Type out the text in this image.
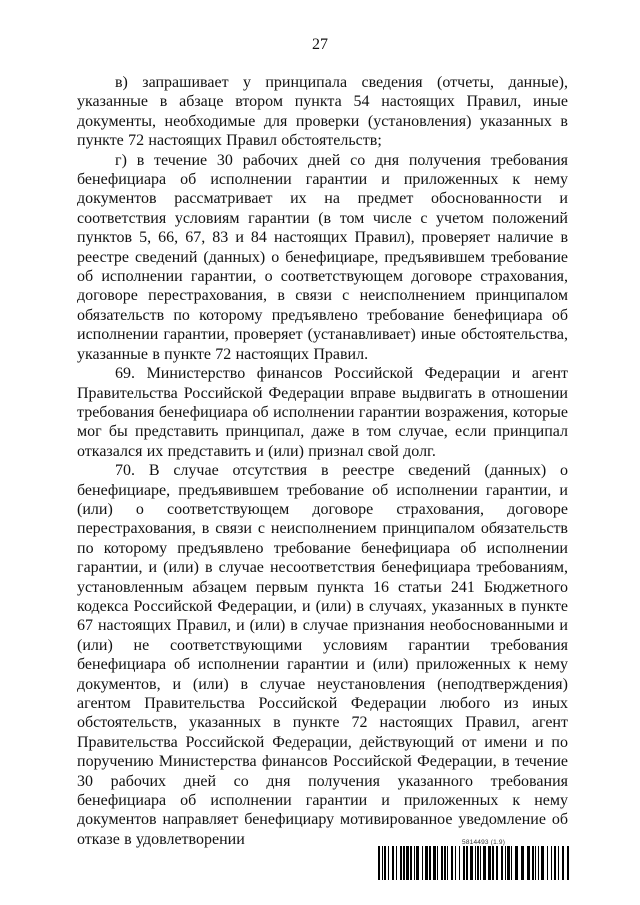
27

в) запрашивает у принципала сведения (отчеты, данные), указанные в абзаце втором пункта 54 настоящих Правил, иные документы, необходимые для проверки (установления) указанных в пункте 72 настоящих Правил обстоятельств;

г) в течение 30 рабочих дней со дня получения требования бенефициара об исполнении гарантии и приложенных к нему документов рассматривает их на предмет обоснованности и соответствия условиям гарантии (в том числе с учетом положений пунктов 5, 66, 67, 83 и 84 настоящих Правил), проверяет наличие в реестре сведений (данных) о бенефициаре, предъявившем требование об исполнении гарантии, о соответствующем договоре страхования, договоре перестрахования, в связи с неисполнением принципалом обязательств по которому предъявлено требование бенефициара об исполнении гарантии, проверяет (устанавливает) иные обстоятельства, указанные в пункте 72 настоящих Правил.

69. Министерство финансов Российской Федерации и агент Правительства Российской Федерации вправе выдвигать в отношении требования бенефициара об исполнении гарантии возражения, которые мог бы представить принципал, даже в том случае, если принципал отказался их представить и (или) признал свой долг.

70. В случае отсутствия в реестре сведений (данных) о бенефициаре, предъявившем требование об исполнении гарантии, и (или) о соответствующем договоре страхования, договоре перестрахования, в связи с неисполнением принципалом обязательств по которому предъявлено требование бенефициара об исполнении гарантии, и (или) в случае несоответствия бенефициара требованиям, установленным абзацем первым пункта 16 статьи 241 Бюджетного кодекса Российской Федерации, и (или) в случаях, указанных в пункте 67 настоящих Правил, и (или) в случае признания необоснованными и (или) не соответствующими условиям гарантии требования бенефициара об исполнении гарантии и (или) приложенных к нему документов, и (или) в случае неустановления (неподтверждения) агентом Правительства Российской Федерации любого из иных обстоятельств, указанных в пункте 72 настоящих Правил, агент Правительства Российской Федерации, действующий от имени и по поручению Министерства финансов Российской Федерации, в течение 30 рабочих дней со дня получения указанного требования бенефициара об исполнении гарантии и приложенных к нему документов направляет бенефициару мотивированное уведомление об отказе в удовлетворении	5814493 (1.9)
